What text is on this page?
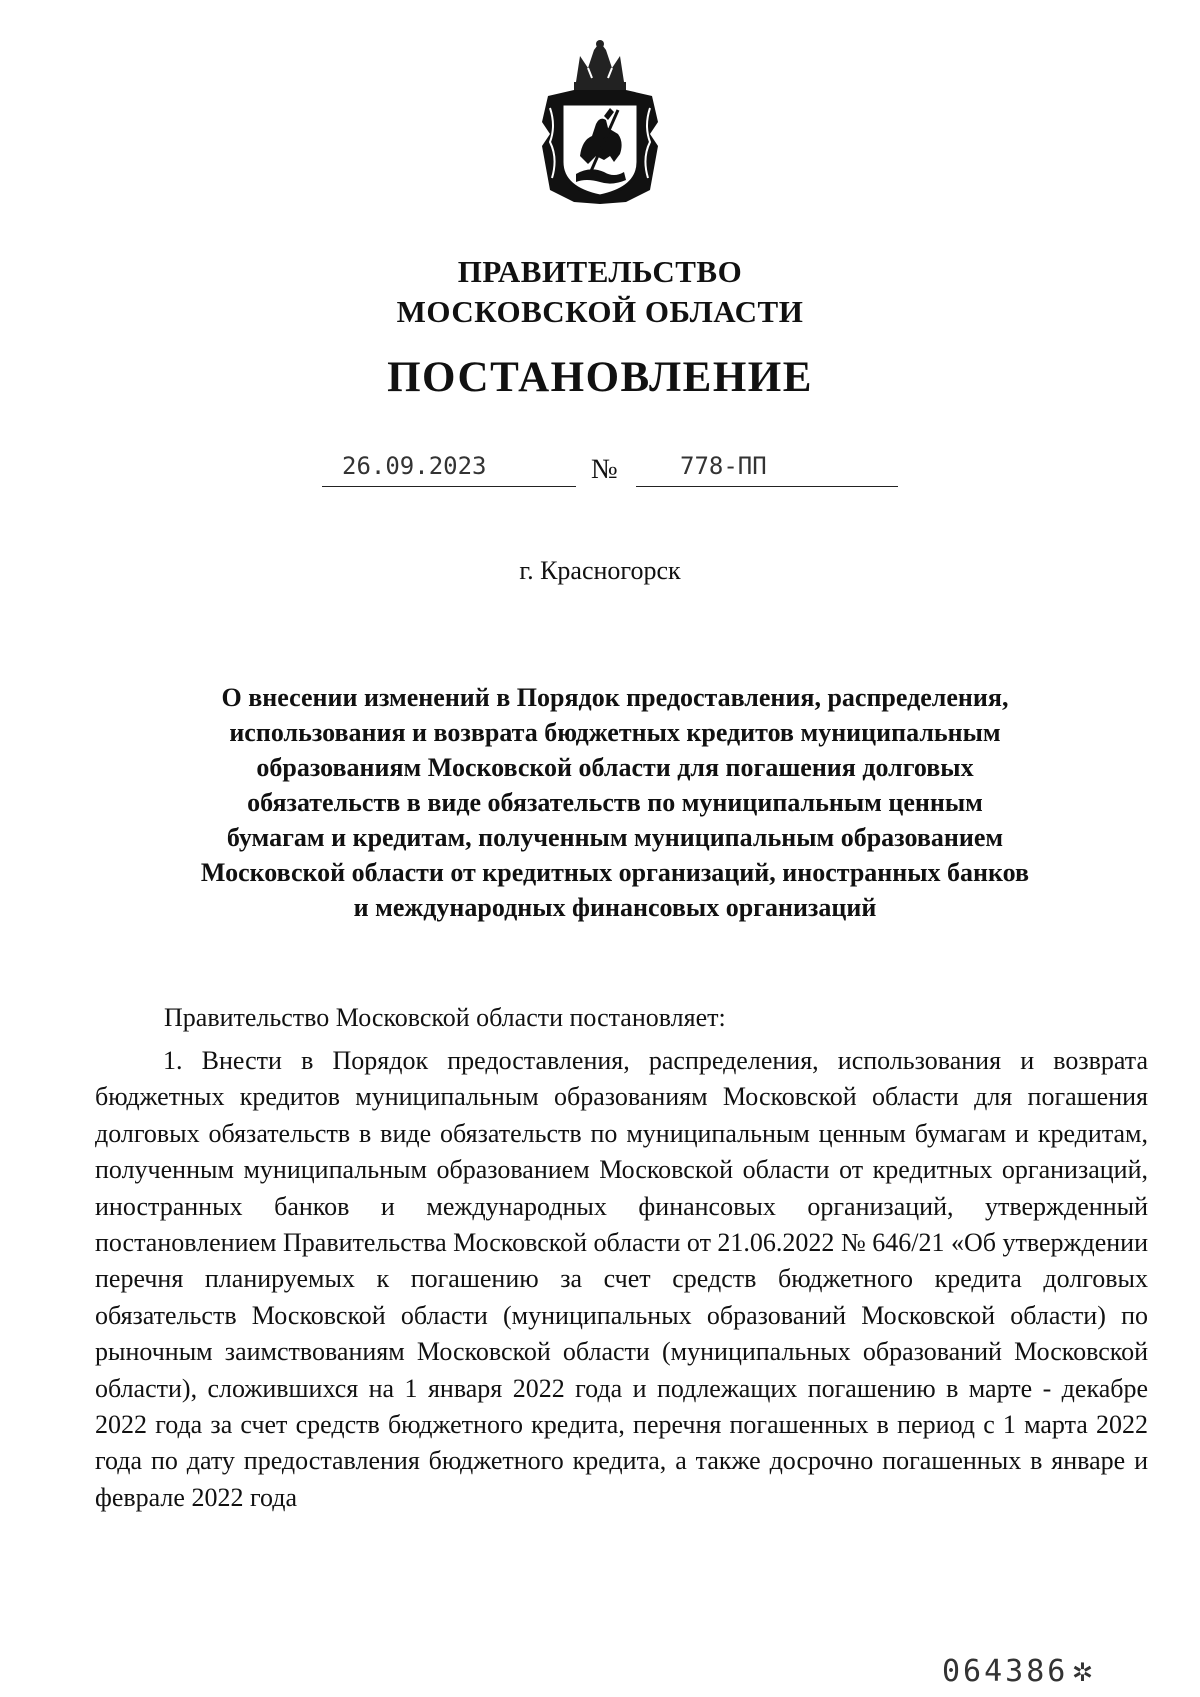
ПРАВИТЕЛЬСТВО
МОСКОВСКОЙ ОБЛАСТИ
ПОСТАНОВЛЕНИЕ
26.09.2023	№	778-ПП
г. Красногорск
О внесении изменений в Порядок предоставления, распределения,
использования и возврата бюджетных кредитов муниципальным
образованиям Московской области для погашения долговых
обязательств в виде обязательств по муниципальным ценным
бумагам и кредитам, полученным муниципальным образованием
Московской области от кредитных организаций, иностранных банков
и международных финансовых организаций
Правительство Московской области постановляет:
1. Внести в Порядок предоставления, распределения, использования и возврата бюджетных кредитов муниципальным образованиям Московской области для погашения долговых обязательств в виде обязательств по муниципальным ценным бумагам и кредитам, полученным муниципальным образованием Московской области от кредитных организаций, иностранных банков и международных финансовых организаций, утвержденный постановлением Правительства Московской области от 21.06.2022 № 646/21 «Об утверждении перечня планируемых к погашению за счет средств бюджетного кредита долговых обязательств Московской области (муниципальных образований Московской области) по рыночным заимствованиям Московской области (муниципальных образований Московской области), сложившихся на 1 января 2022 года и подлежащих погашению в марте - декабре 2022 года за счет средств бюджетного кредита, перечня погашенных в период с 1 марта 2022 года по дату предоставления бюджетного кредита, а также досрочно погашенных в январе и феврале 2022 года
064386 ✲
